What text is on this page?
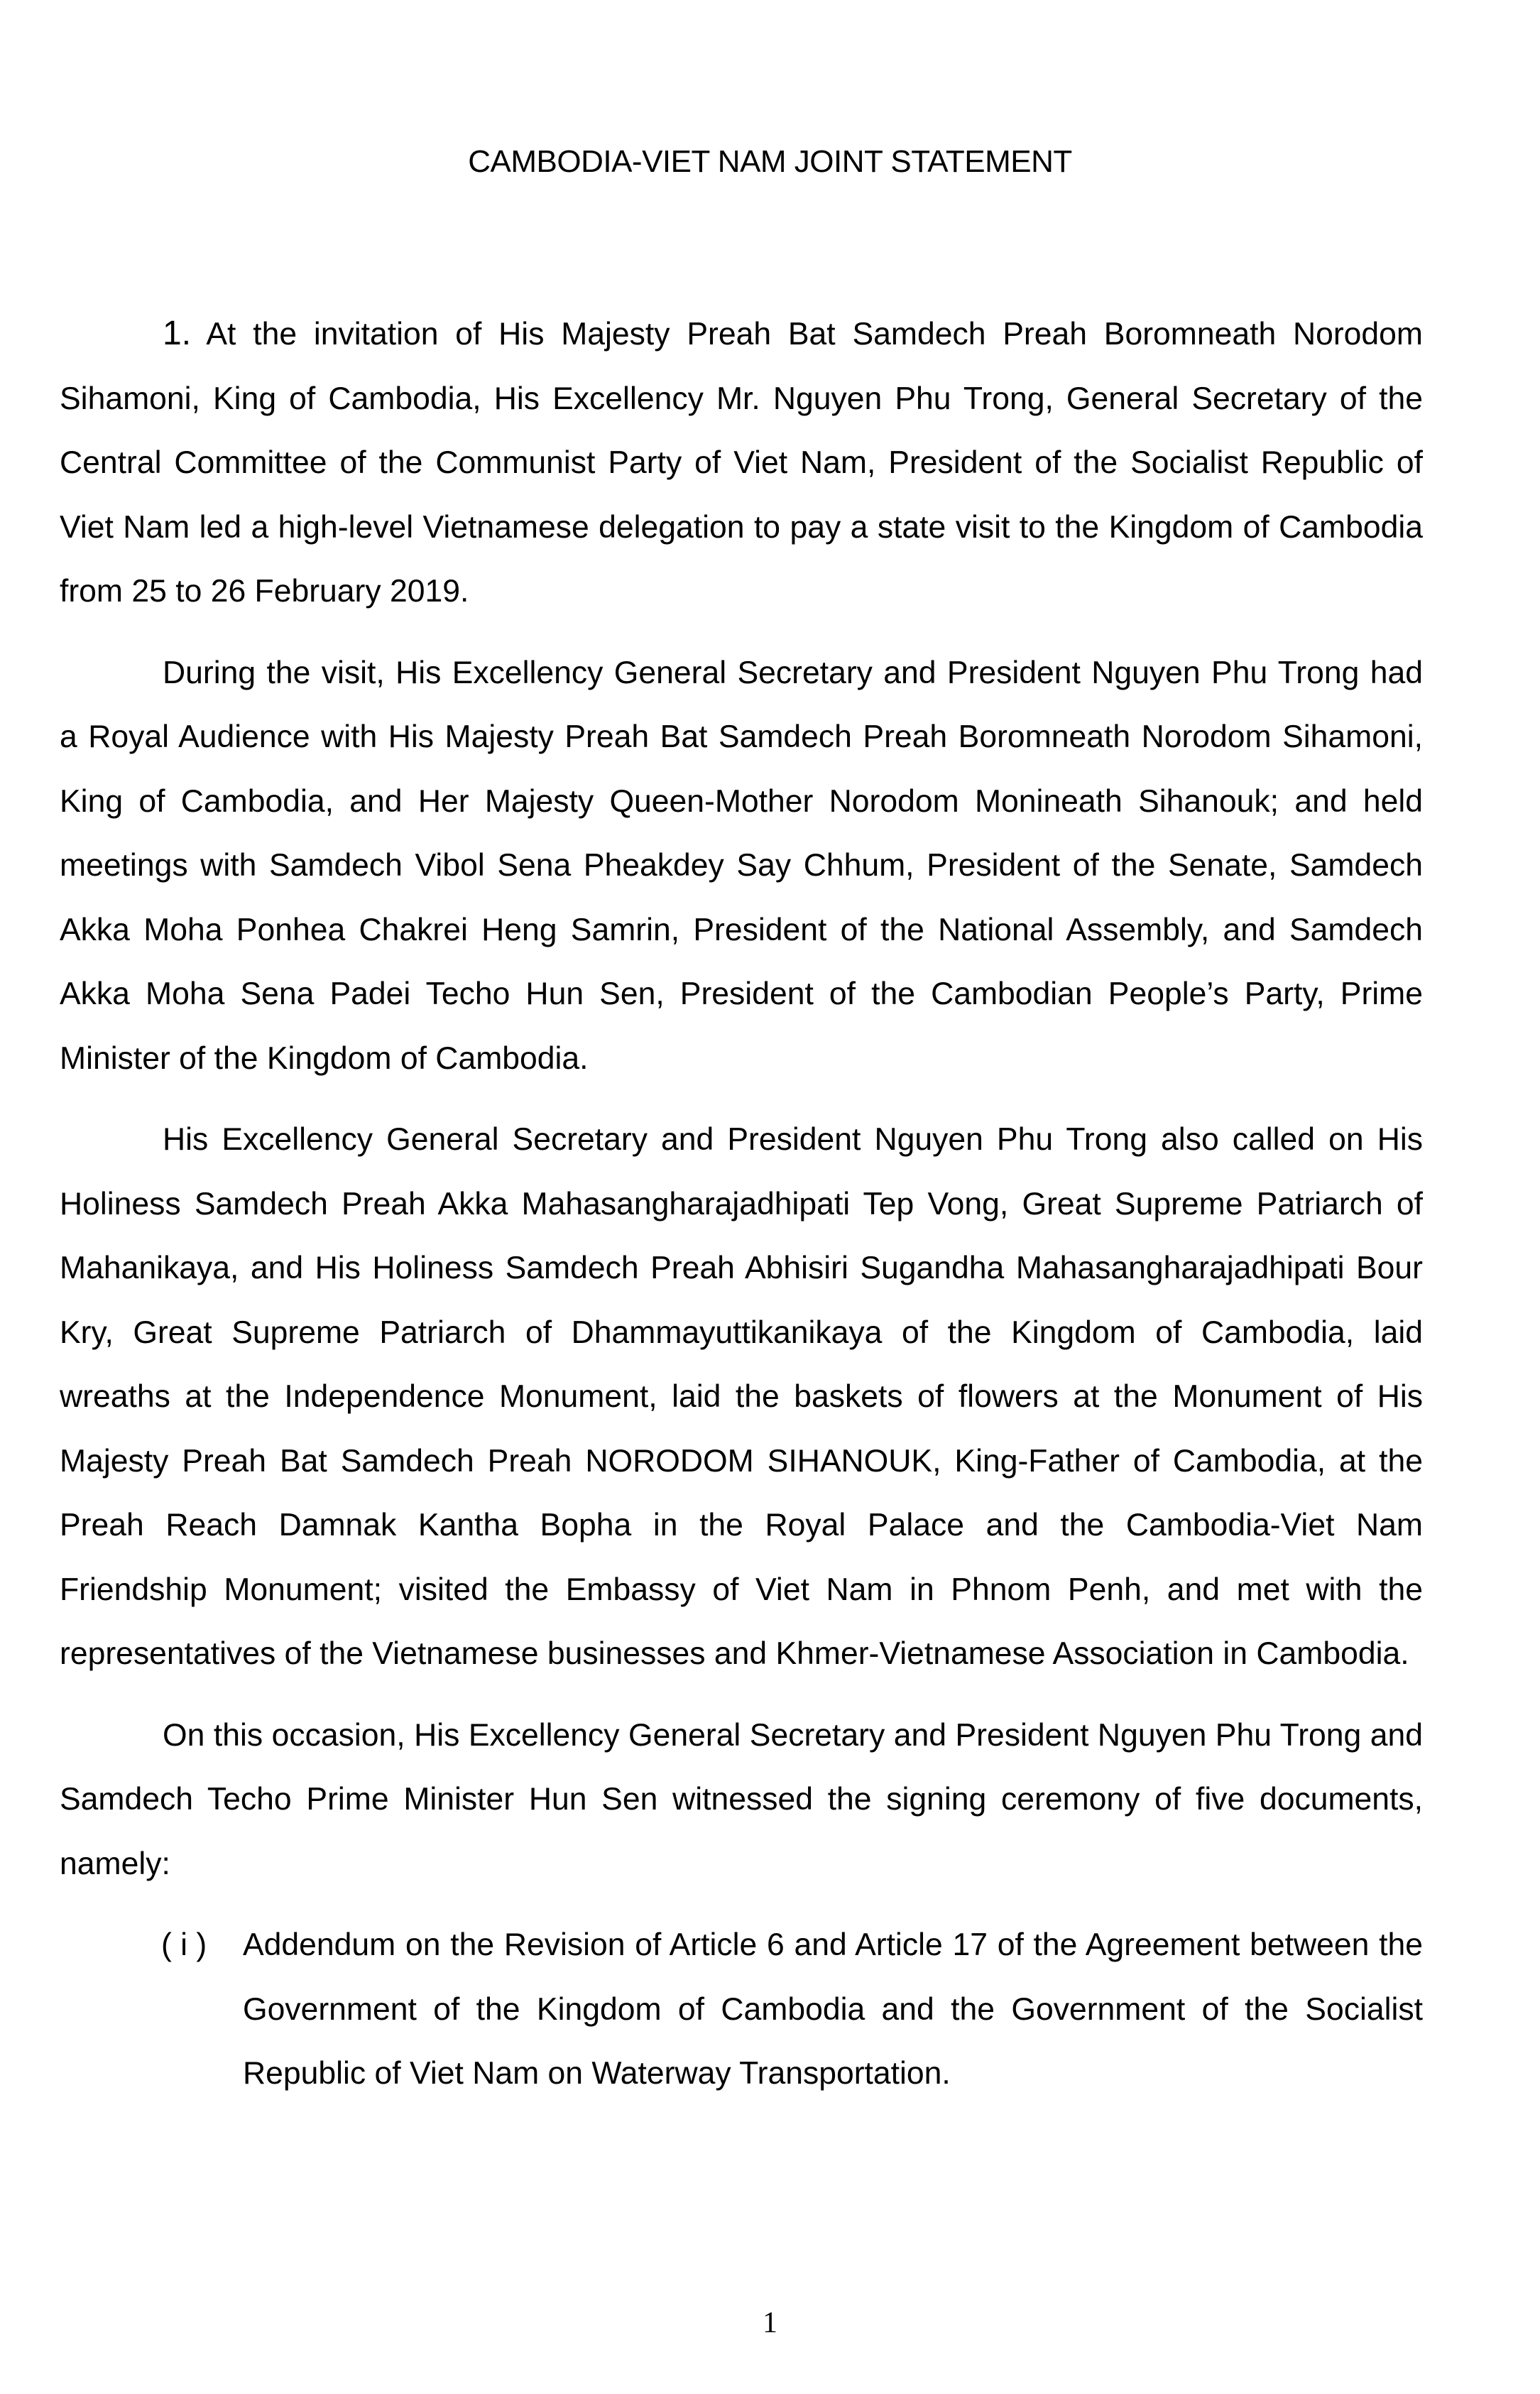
CAMBODIA-VIET NAM JOINT STATEMENT

1. At the invitation of His Majesty Preah Bat Samdech Preah Boromneath Norodom Sihamoni, King of Cambodia, His Excellency Mr. Nguyen Phu Trong, General Secretary of the Central Committee of the Communist Party of Viet Nam, President of the Socialist Republic of Viet Nam led a high-level Vietnamese delegation to pay a state visit to the Kingdom of Cambodia from 25 to 26 February 2019.

During the visit, His Excellency General Secretary and President Nguyen Phu Trong had a Royal Audience with His Majesty Preah Bat Samdech Preah Boromneath Norodom Sihamoni, King of Cambodia, and Her Majesty Queen-Mother Norodom Monineath Sihanouk; and held meetings with Samdech Vibol Sena Pheakdey Say Chhum, President of the Senate, Samdech Akka Moha Ponhea Chakrei Heng Samrin, President of the National Assembly, and Samdech Akka Moha Sena Padei Techo Hun Sen, President of the Cambodian People’s Party, Prime Minister of the Kingdom of Cambodia.

His Excellency General Secretary and President Nguyen Phu Trong also called on His Holiness Samdech Preah Akka Mahasangharajadhipati Tep Vong, Great Supreme Patriarch of Mahanikaya, and His Holiness Samdech Preah Abhisiri Sugandha Mahasangharajadhipati Bour Kry, Great Supreme Patriarch of Dhammayuttikanikaya of the Kingdom of Cambodia, laid wreaths at the Independence Monument, laid the baskets of flowers at the Monument of His Majesty Preah Bat Samdech Preah NORODOM SIHANOUK, King-Father of Cambodia, at the Preah Reach Damnak Kantha Bopha in the Royal Palace and the Cambodia-Viet Nam Friendship Monument; visited the Embassy of Viet Nam in Phnom Penh, and met with the representatives of the Vietnamese businesses and Khmer-Vietnamese Association in Cambodia.

On this occasion, His Excellency General Secretary and President Nguyen Phu Trong and Samdech Techo Prime Minister Hun Sen witnessed the signing ceremony of five documents, namely:

( i ) Addendum on the Revision of Article 6 and Article 17 of the Agreement between the Government of the Kingdom of Cambodia and the Government of the Socialist Republic of Viet Nam on Waterway Transportation.
1
